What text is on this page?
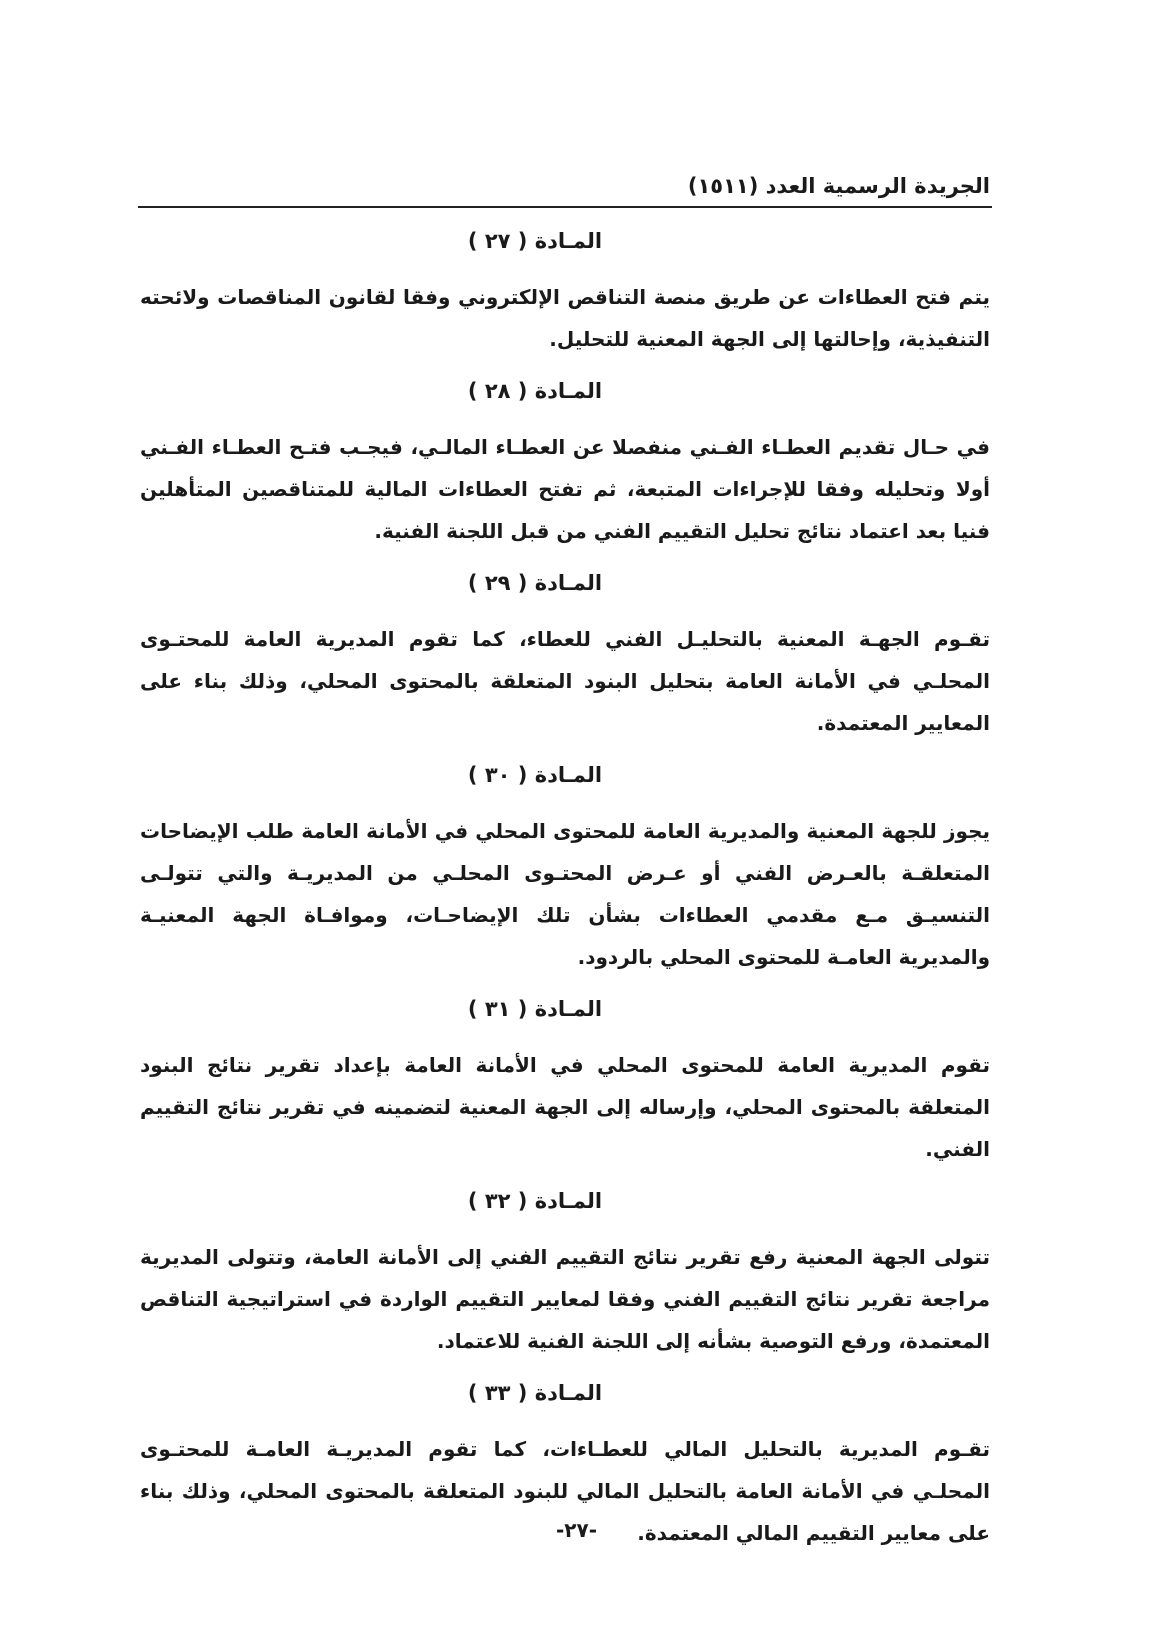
الجريدة الرسمية العدد (١٥١١)
المـادة ( ٢٧ )

يتم فتح العطاءات عن طريق منصة التناقص الإلكتروني وفقا لقانون المناقصات ولائحته التنفيذية، وإحالتها إلى الجهة المعنية للتحليل.

المـادة ( ٢٨ )

في حـال تقديم العطـاء الفـني منفصلا عن العطـاء المالـي، فيجـب فتـح العطـاء الفـني أولا وتحليله وفقا للإجراءات المتبعة، ثم تفتح العطاءات المالية للمتناقصين المتأهلين فنيا بعد اعتماد نتائج تحليل التقييم الفني من قبل اللجنة الفنية.

المـادة ( ٢٩ )

تقـوم الجهـة المعنية بالتحليـل الفني للعطاء، كما تقوم المديرية العامة للمحتـوى المحلـي في الأمانة العامة بتحليل البنود المتعلقة بالمحتوى المحلي، وذلك بناء على المعايير المعتمدة.

المـادة ( ٣٠ )

يجوز للجهة المعنية والمديرية العامة للمحتوى المحلي في الأمانة العامة طلب الإيضاحات المتعلقـة بالعـرض الفني أو عـرض المحتـوى المحلـي من المديريـة والتي تتولـى التنسيـق مـع مقدمي العطاءات بشأن تلك الإيضاحـات، وموافـاة الجهة المعنيـة والمديرية العامـة للمحتوى المحلي بالردود.

المـادة ( ٣١ )

تقوم المديرية العامة للمحتوى المحلي في الأمانة العامة بإعداد تقرير نتائج البنود المتعلقة بالمحتوى المحلي، وإرساله إلى الجهة المعنية لتضمينه في تقرير نتائج التقييم الفني.

المـادة ( ٣٢ )

تتولى الجهة المعنية رفع تقرير نتائج التقييم الفني إلى الأمانة العامة، وتتولى المديرية مراجعة تقرير نتائج التقييم الفني وفقا لمعايير التقييم الواردة في استراتيجية التناقص المعتمدة، ورفع التوصية بشأنه إلى اللجنة الفنية للاعتماد.

المـادة ( ٣٣ )

تقـوم المديرية بالتحليل المالي للعطـاءات، كما تقوم المديريـة العامـة للمحتـوى المحلـي في الأمانة العامة بالتحليل المالي للبنود المتعلقة بالمحتوى المحلي، وذلك بناء على معايير التقييم المالي المعتمدة.

-٢٧-
